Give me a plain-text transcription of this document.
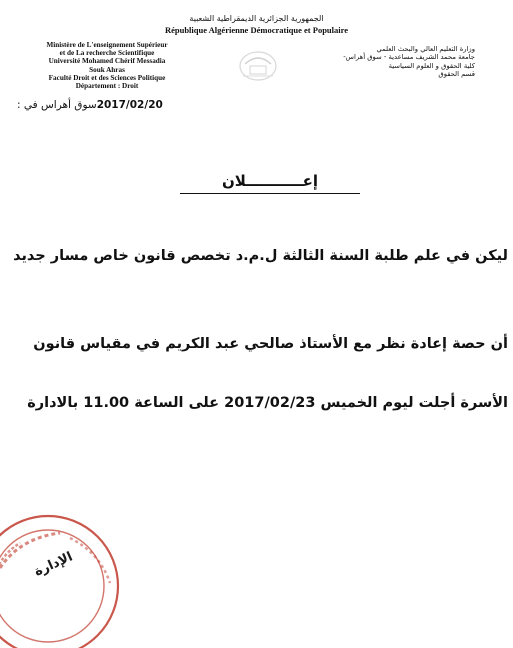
الجمهورية الجزائرية الديمقراطية الشعبية
République Algérienne Démocratique et Populaire
Ministère de L'enseignement Supérieur
et de La recherche Scientifique
Université Mohamed Chérif Messadia
Souk Ahras
Faculté Droit et des Sciences Politique
Département : Droit
وزارة التعليم العالي والبحث العلمي
جامعة محمد الشريف مساعدية - سوق أهراس-
كلية الحقوق و العلوم السياسية
قسم الحقوق
2017/02/20سوق أهراس في :
إعـــــــــــلان
ليكن في علم طلبة السنة الثالثة ل.م.د تخصص قانون خاص مسار جديد
أن حصة إعادة نظر مع الأستاذ صالحي عبد الكريم في مقياس قانون
الأسرة أجلت ليوم الخميس 2017/02/23 على الساعة 11.00 بالادارة
الإدارة
